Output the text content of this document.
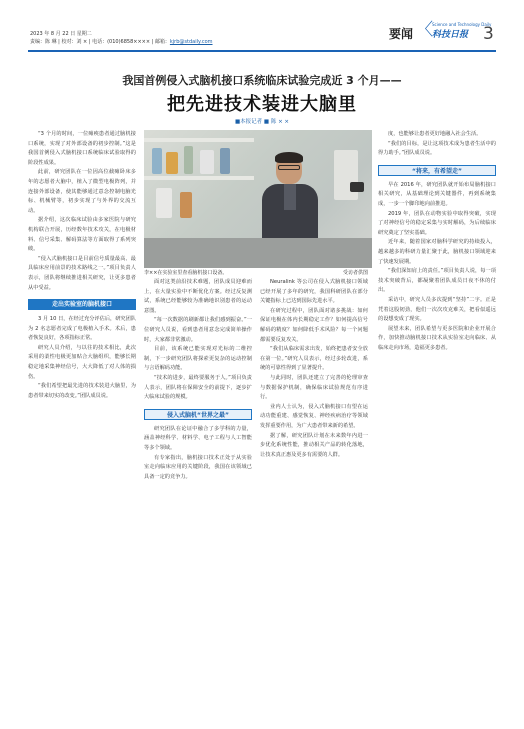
2023 年 8 月 22 日 星期二
责编：陈 琳 | 校对：刘 × | 电话：(010)6858×××× | 邮箱：kjrb@stdaily.com
要闻 〈 Science and Technology Daily
科技日报 3
我国首例侵入式脑机接口系统临床试验完成近 3 个月——
把先进技术装进大脑里
■本报记者 ■ 陈 × ×

“3 个月的时间，一位瘫痪患者通过脑机接口系统，实现了对外部设备的初步控制。”这是我国首例侵入式脑机接口系统临床试验取得的阶段性成果。

此前，研究团队在一位因高位截瘫卧床多年的志愿者大脑中，植入了微型电极阵列，并连接外部设备，使其能够通过意念控制电脑光标、机械臂等，初步实现了与外界的交流互动。

据介绍，这次临床试验由多家医院与研究机构联合开展，历经数年技术攻关，在电极材料、信号采集、解码算法等方面取得了系列突破。

“侵入式脑机接口是目前信号质量最高、最具临床应用前景的技术路线之一。”项目负责人表示，团队将继续推进相关研究，让更多患者从中受益。

走出实验室的脑机接口

3 月 10 日，在经过充分评估后，研究团队为 2 名志愿者完成了电极植入手术。术后，患者恢复良好，各项指标正常。

研究人员介绍，与以往的技术相比，此次采用的柔性电极更加贴合大脑组织，能够长期稳定地采集神经信号，大大降低了对人体的损伤。

“我们希望把最先进的技术装进大脑里，为患者带来切实的改变。”团队成员说。

李××在实验室里查看脑机接口设备。	受访者供图

面对这类前沿技术难题，团队成员迎难而上，在大量实验中不断优化方案。经过反复测试，系统已经能够较为准确地识别患者的运动意图。

“每一次数据的刷新都让我们感到振奋。”一位研究人员说，看到患者用意念完成简单操作时，大家都非常激动。

目前，该系统已能实现对光标的二维控制，下一步研究团队将探索更复杂的运动控制与言语解码功能。

“技术的进步，最终要服务于人。”项目负责人表示，团队将在保障安全的前提下，逐步扩大临床试验的规模。

侵入式脑机“世界之最”

研究团队在论证中融合了多学科的力量，涵盖神经科学、材料学、电子工程与人工智能等多个领域。

有专家指出，脑机接口技术正处于从实验室走向临床应用的关键阶段，我国在该领域已具备一定的竞争力。

Neuralink 等公司在侵入式脑机接口领域已经开展了多年的研究，我国科研团队在部分关键指标上已达到国际先进水平。

在研究过程中，团队面对诸多挑战：如何保证电极在体内长期稳定工作？如何提高信号解码的精度？如何降低手术风险？每一个问题都需要反复攻关。

“我们从临床需求出发，始终把患者安全放在第一位。”研究人员表示，经过多轮改进，系统的可靠性得到了显著提升。

与此同时，团队还建立了完善的伦理审查与数据保护机制，确保临床试验规范有序进行。

业内人士认为，侵入式脑机接口有望在运动功能重建、感觉恢复、神经疾病治疗等领域发挥重要作用，为广大患者带来新的希望。

据了解，研究团队计划在未来数年内进一步优化系统性能，推动相关产品的转化落地，让技术真正惠及更多有需要的人群。

度，也能够让患者更好地融入社会生活。

“我们的目标，是让这项技术成为患者生活中的得力助手。”团队成员说。

“将来，有希望走”

早在 2016 年，研究团队就开始布局脑机接口相关研究，从基础理论到关键器件，再到系统集成，一步一个脚印地向前推进。

2019 年，团队在动物实验中取得突破，实现了对神经信号的稳定采集与实时解码，为后续临床研究奠定了坚实基础。

近年来，随着国家对脑科学研究的持续投入，越来越多的科研力量汇聚于此，脑机接口领域迎来了快速发展期。

“我们深知肩上的责任。”项目负责人说，每一项技术突破背后，都凝聚着团队成员日夜不休的付出。

采访中，研究人员多次提到“坚持”二字。正是凭着这股韧劲，他们一次次攻克难关，把看似遥远的设想变成了现实。

展望未来，团队希望与更多医院和企业开展合作，加快推动脑机接口技术从实验室走向临床、从临床走向市场，造福更多患者。
